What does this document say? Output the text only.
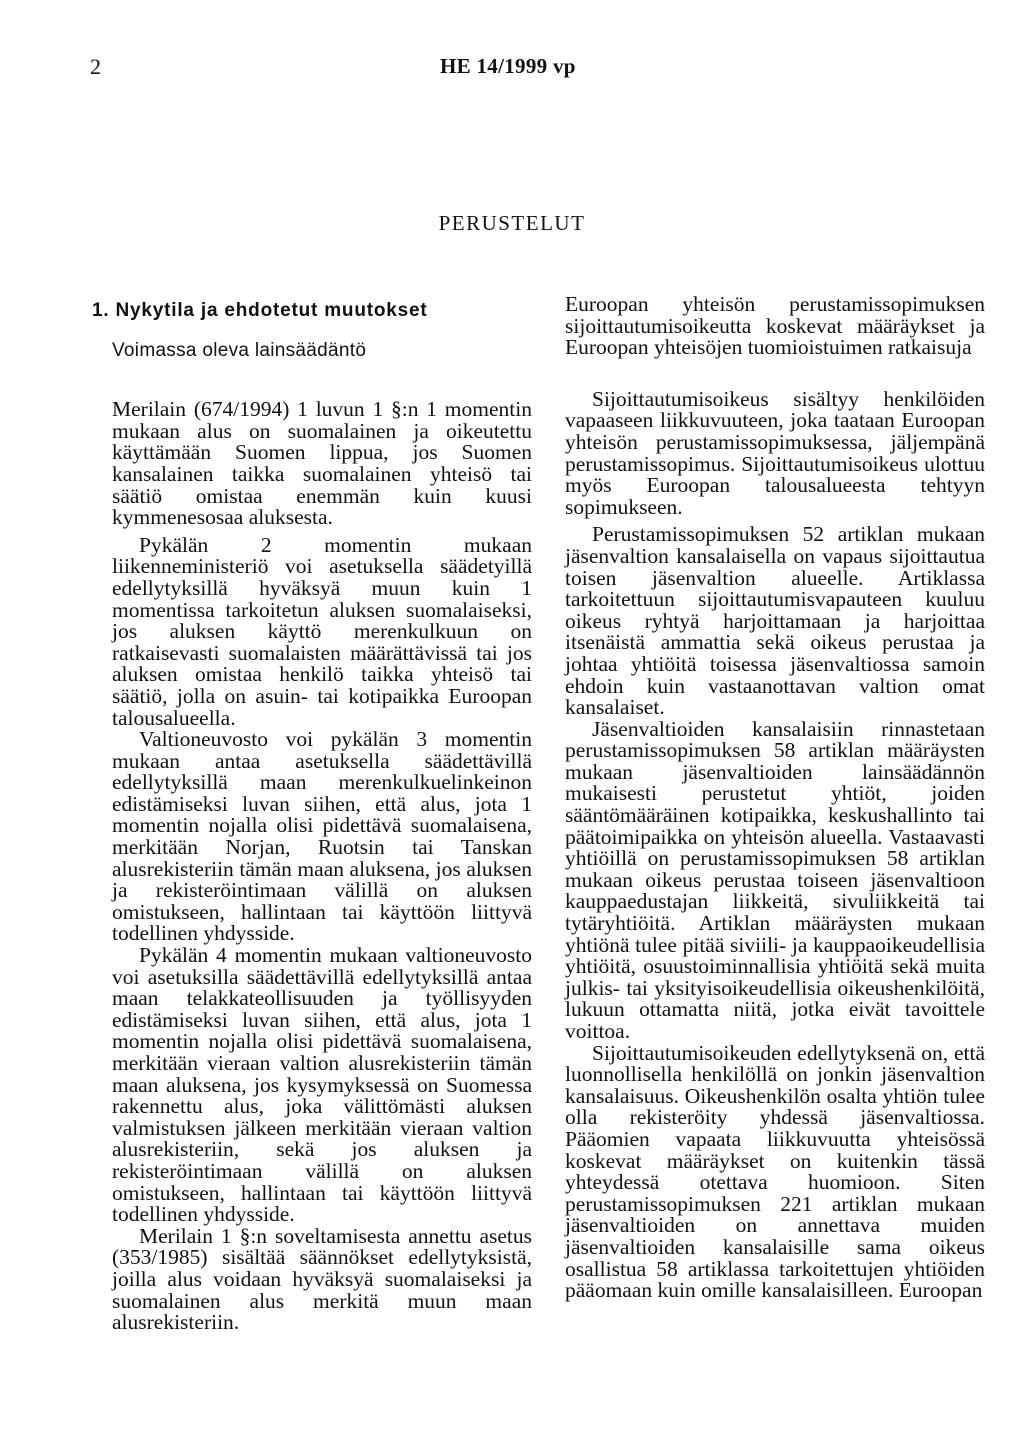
2	HE 14/1999 vp
PERUSTELUT

1. Nykytila ja ehdotetut muutokset

Voimassa oleva lainsäädäntö

Merilain (674/1994) 1 luvun 1 §:n 1 momentin mukaan alus on suomalainen ja oikeutettu käyttämään Suomen lippua, jos Suomen kansalainen taikka suomalainen yhteisö tai säätiö omistaa enemmän kuin kuusi kymmenesosaa aluksesta.

Pykälän 2 momentin mukaan liikenneministeriö voi asetuksella säädetyillä edellytyksillä hyväksyä muun kuin 1 momentissa tarkoitetun aluksen suomalaiseksi, jos aluksen käyttö merenkulkuun on ratkaisevasti suomalaisten määrättävissä tai jos aluksen omistaa henkilö taikka yhteisö tai säätiö, jolla on asuin- tai kotipaikka Euroopan talousalueella.

Valtioneuvosto voi pykälän 3 momentin mukaan antaa asetuksella säädettävillä edellytyksillä maan merenkulkuelinkeinon edistämiseksi luvan siihen, että alus, jota 1 momentin nojalla olisi pidettävä suomalaisena, merkitään Norjan, Ruotsin tai Tanskan alusrekisteriin tämän maan aluksena, jos aluksen ja rekisteröintimaan välillä on aluksen omistukseen, hallintaan tai käyttöön liittyvä todellinen yhdysside.

Pykälän 4 momentin mukaan valtioneuvosto voi asetuksilla säädettävillä edellytyksillä antaa maan telakkateollisuuden ja työllisyyden edistämiseksi luvan siihen, että alus, jota 1 momentin nojalla olisi pidettävä suomalaisena, merkitään vieraan valtion alusrekisteriin tämän maan aluksena, jos kysymyksessä on Suomessa rakennettu alus, joka välittömästi aluksen valmistuksen jälkeen merkitään vieraan valtion alusrekisteriin, sekä jos aluksen ja rekisteröintimaan välillä on aluksen omistukseen, hallintaan tai käyttöön liittyvä todellinen yhdysside.

Merilain 1 §:n soveltamisesta annettu asetus (353/1985) sisältää säännökset edellytyksistä, joilla alus voidaan hyväksyä suomalaiseksi ja suomalainen alus merkitä muun maan alusrekisteriin.

Euroopan yhteisön perustamissopimuksen sijoittautumisoikeutta koskevat määräykset ja Euroopan yhteisöjen tuomioistuimen ratkaisuja

Sijoittautumisoikeus sisältyy henkilöiden vapaaseen liikkuvuuteen, joka taataan Euroopan yhteisön perustamissopimuksessa, jäljempänä perustamissopimus. Sijoittautumisoikeus ulottuu myös Euroopan talousalueesta tehtyyn sopimukseen.

Perustamissopimuksen 52 artiklan mukaan jäsenvaltion kansalaisella on vapaus sijoittautua toisen jäsenvaltion alueelle. Artiklassa tarkoitettuun sijoittautumisvapauteen kuuluu oikeus ryhtyä harjoittamaan ja harjoittaa itsenäistä ammattia sekä oikeus perustaa ja johtaa yhtiöitä toisessa jäsenvaltiossa samoin ehdoin kuin vastaanottavan valtion omat kansalaiset.

Jäsenvaltioiden kansalaisiin rinnastetaan perustamissopimuksen 58 artiklan määräysten mukaan jäsenvaltioiden lainsäädännön mukaisesti perustetut yhtiöt, joiden sääntömääräinen kotipaikka, keskushallinto tai päätoimipaikka on yhteisön alueella. Vastaavasti yhtiöillä on perustamissopimuksen 58 artiklan mukaan oikeus perustaa toiseen jäsenvaltioon kauppaedustajan liikkeitä, sivuliikkeitä tai tytäryhtiöitä. Artiklan määräysten mukaan yhtiönä tulee pitää siviili- ja kauppaoikeudellisia yhtiöitä, osuustoiminnallisia yhtiöitä sekä muita julkis- tai yksityisoikeudellisia oikeushenkilöitä, lukuun ottamatta niitä, jotka eivät tavoittele voittoa.

Sijoittautumisoikeuden edellytyksenä on, että luonnollisella henkilöllä on jonkin jäsenvaltion kansalaisuus. Oikeushenkilön osalta yhtiön tulee olla rekisteröity yhdessä jäsenvaltiossa. Pääomien vapaata liikkuvuutta yhteisössä koskevat määräykset on kuitenkin tässä yhteydessä otettava huomioon. Siten perustamissopimuksen 221 artiklan mukaan jäsenvaltioiden on annettava muiden jäsenvaltioiden kansalaisille sama oikeus osallistua 58 artiklassa tarkoitettujen yhtiöiden pääomaan kuin omille kansalaisilleen. Euroopan
